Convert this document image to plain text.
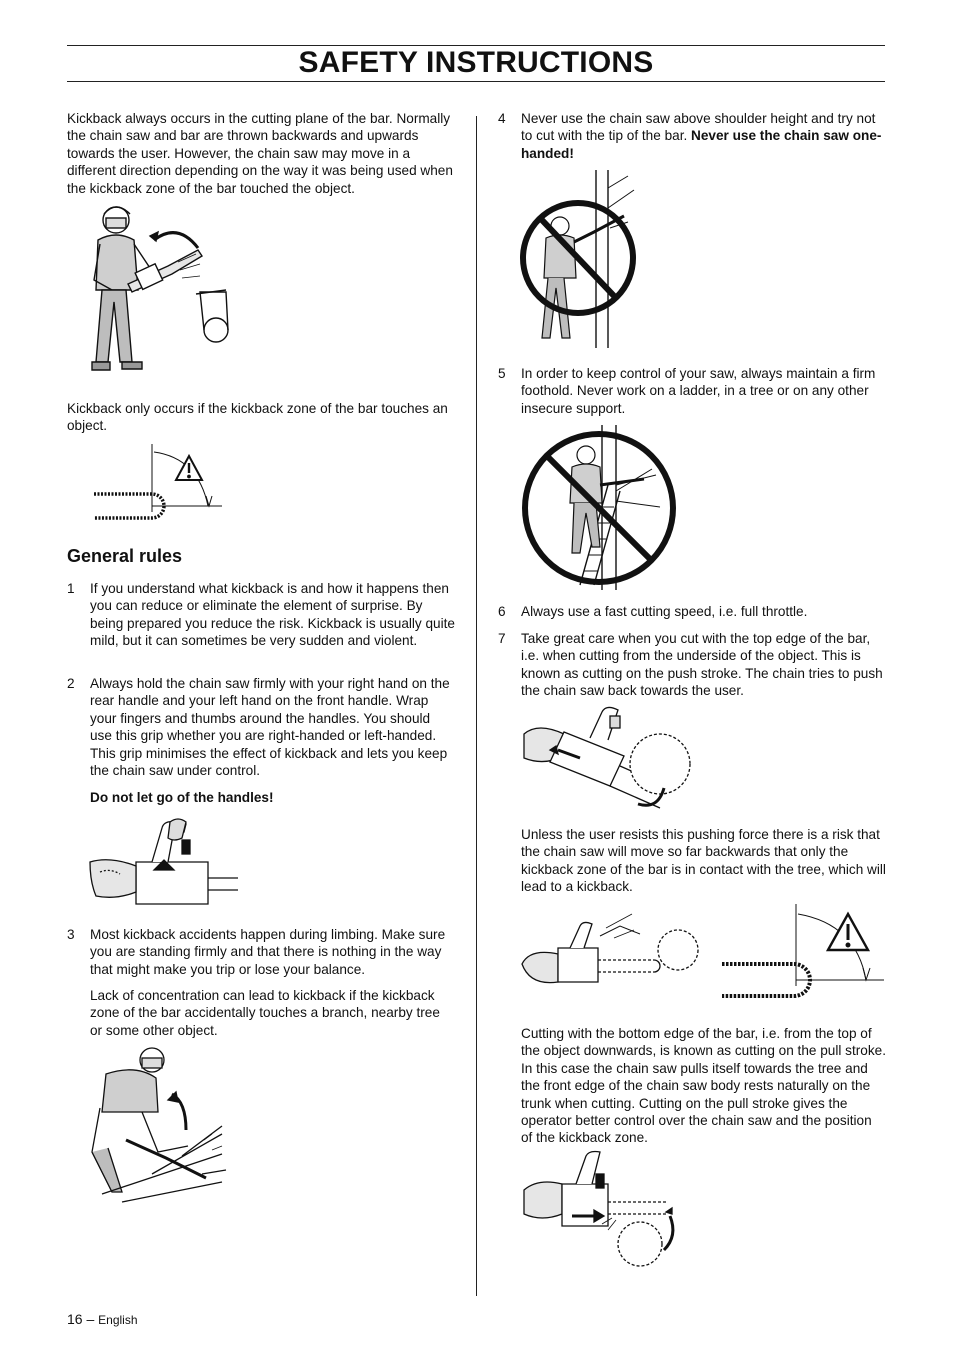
SAFETY INSTRUCTIONS

Kickback always occurs in the cutting plane of the bar. Normally the chain saw and bar are thrown backwards and upwards towards the user. However, the chain saw may move in a different direction depending on the way it was being used when the kickback zone of the bar touched the object.

Kickback only occurs if the kickback zone of the bar touches an object.

General rules
1 If you understand what kickback is and how it happens then you can reduce or eliminate the element of surprise. By being prepared you reduce the risk. Kickback is usually quite mild, but it can sometimes be very sudden and violent.

2 Always hold the chain saw firmly with your right hand on the rear handle and your left hand on the front handle. Wrap your fingers and thumbs around the handles. You should use this grip whether you are right-handed or left-handed. This grip minimises the effect of kickback and lets you keep the chain saw under control.

Do not let go of the handles!

3 Most kickback accidents happen during limbing. Make sure you are standing firmly and that there is nothing in the way that might make you trip or lose your balance.

Lack of concentration can lead to kickback if the kickback zone of the bar accidentally touches a branch, nearby tree or some other object.

4 Never use the chain saw above shoulder height and try not to cut with the tip of the bar. Never use the chain saw one-handed!

5 In order to keep control of your saw, always maintain a firm foothold. Never work on a ladder, in a tree or on any other insecure support.

6 Always use a fast cutting speed, i.e. full throttle.

7 Take great care when you cut with the top edge of the bar, i.e. when cutting from the underside of the object. This is known as cutting on the push stroke. The chain tries to push the chain saw back towards the user.

Unless the user resists this pushing force there is a risk that the chain saw will move so far backwards that only the kickback zone of the bar is in contact with the tree, which will lead to a kickback.

Cutting with the bottom edge of the bar, i.e. from the top of the object downwards, is known as cutting on the pull stroke. In this case the chain saw pulls itself towards the tree and the front edge of the chain saw body rests naturally on the trunk when cutting. Cutting on the pull stroke gives the operator better control over the chain saw and the position of the kickback zone.

16 – English
